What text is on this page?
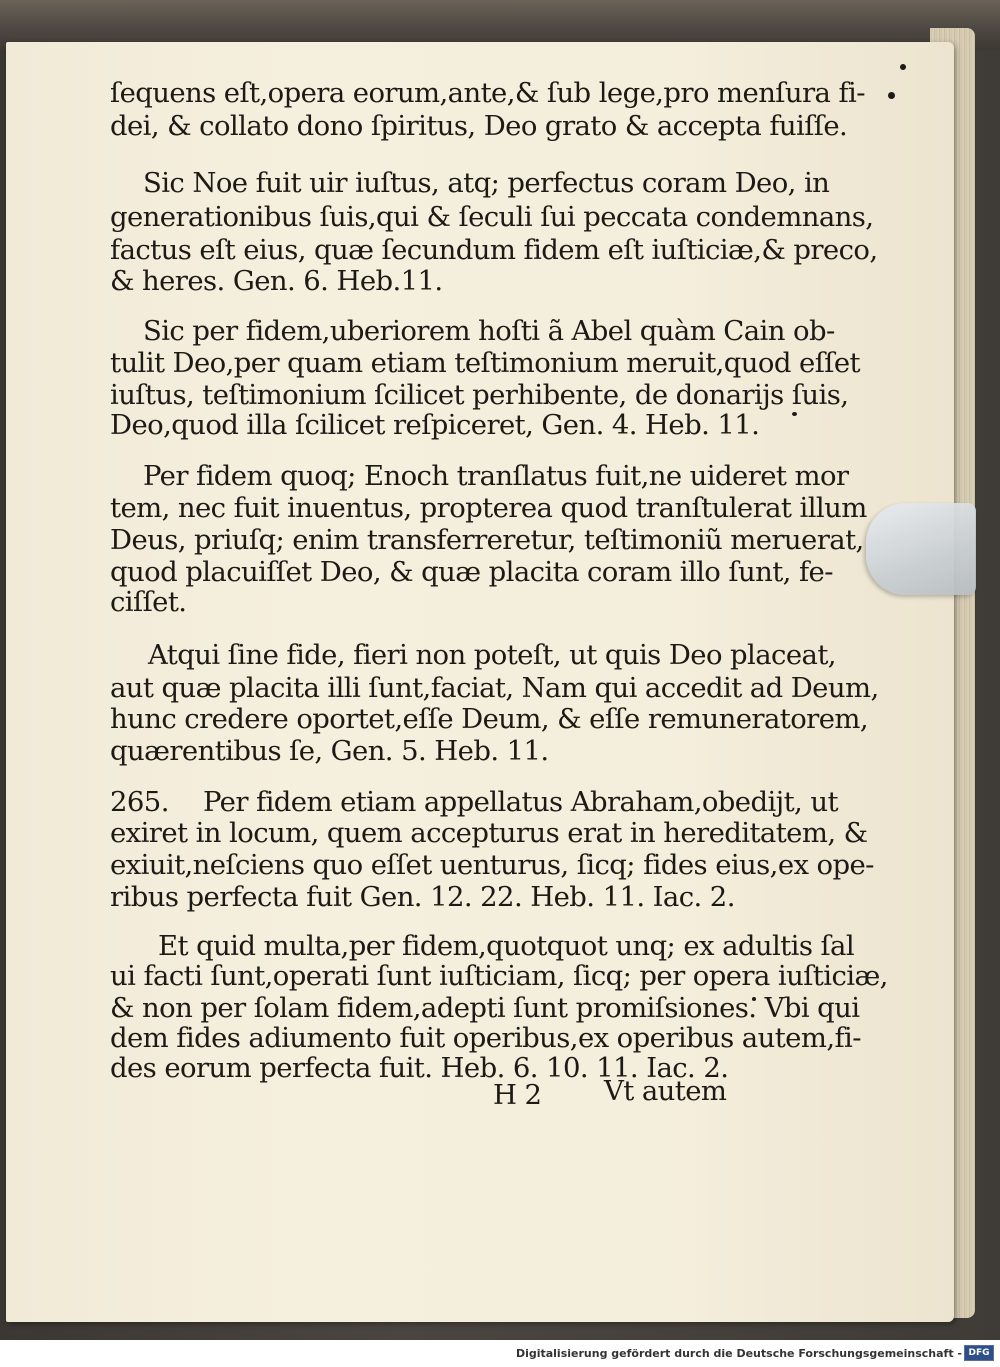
ſequens eſt,opera eorum,ante,& ſub lege,pro menſura fi-
dei, & collato dono ſpiritus, Deo grato & accepta fuiſſe.
Sic Noe fuit uir iuſtus, atq; perfectus coram Deo, in
generationibus ſuis,qui & ſeculi ſui peccata condemnans,
factus eſt eius, quæ ſecundum fidem eſt iuſticiæ,& preco,
& heres. Gen. 6. Heb.11.
Sic per fidem,uberiorem hoſti ã Abel quàm Cain ob-
tulit Deo,per quam etiam teſtimonium meruit,quod eſſet
iuſtus, teſtimonium ſcilicet perhibente, de donarijs ſuis,
Deo,quod illa ſcilicet reſpiceret, Gen. 4. Heb. 11.
Per fidem quoq; Enoch tranſlatus fuit,ne uideret mor
tem, nec fuit inuentus, propterea quod tranſtulerat illum
Deus, priuſq; enim transferreretur, teſtimoniũ meruerat,
quod placuiſſet Deo, & quæ placita coram illo ſunt, fe-
ciſſet.
Atqui ſine fide, fieri non poteſt, ut quis Deo placeat,
aut quæ placita illi ſunt,faciat, Nam qui accedit ad Deum,
hunc credere oportet,eſſe Deum, & eſſe remuneratorem,
quærentibus ſe, Gen. 5. Heb. 11.
265. Per fidem etiam appellatus Abraham,obedijt, ut
exiret in locum, quem accepturus erat in hereditatem, &
exiuit,neſciens quo eſſet uenturus, ſicq; fides eius,ex ope-
ribus perfecta fuit Gen. 12. 22. Heb. 11. Iac. 2.
Et quid multa,per fidem,quotquot unq; ex adultis ſal
ui facti ſunt,operati ſunt iuſticiam, ſicq; per opera iuſticiæ,
& non per ſolam fidem,adepti ſunt promiſsiones. Vbi qui
dem fides adiumento fuit operibus,ex operibus autem,fi-
des eorum perfecta fuit. Heb. 6. 10. 11. Iac. 2.
H 2 Vt autem
Digitalisierung gefördert durch die Deutsche Forschungsgemeinschaft - DFG
